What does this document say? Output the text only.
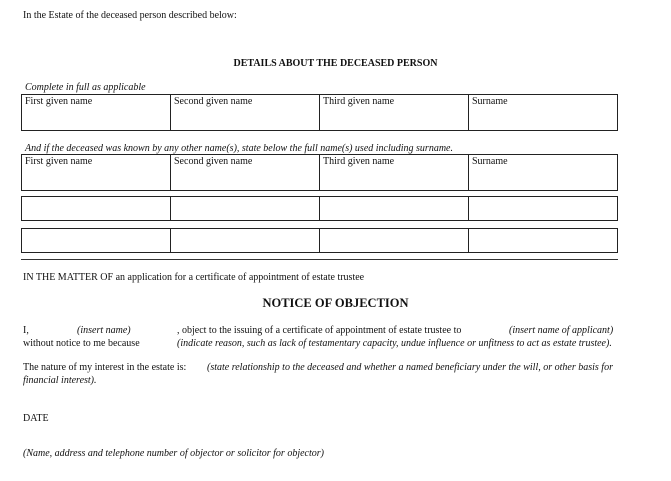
In the Estate of the deceased person described below:
DETAILS ABOUT THE DECEASED PERSON
Complete in full as applicable
First given name	Second given name	Third given name	Surname
And if the deceased was known by any other name(s), state below the full name(s) used including surname.
First given name	Second given name	Third given name	Surname

IN THE MATTER OF an application for a certificate of appointment of estate trustee
NOTICE OF OBJECTION
I,	(insert name)	, object to the issuing of a certificate of appointment of estate trustee to	(insert name of applicant)
without notice to me because	(indicate reason, such as lack of testamentary capacity, undue influence or unfitness to act as estate trustee).
The nature of my interest in the estate is: (state relationship to the deceased and whether a named beneficiary under the will, or other basis for
financial interest).
DATE
(Name, address and telephone number of objector or solicitor for objector)
